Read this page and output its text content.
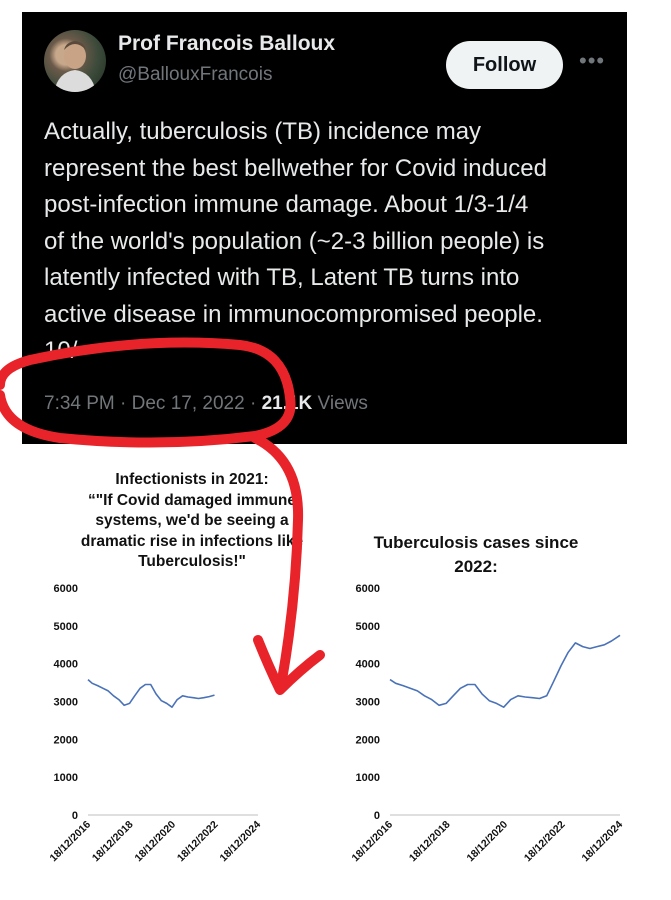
Prof Francois Balloux
@BallouxFrancois	Follow	•••
Actually, tuberculosis (TB) incidence may
represent the best bellwether for Covid induced
post-infection immune damage. About 1/3-1/4
of the world's population (~2-3 billion people) is
latently infected with TB, Latent TB turns into
active disease in immunocompromised people.
10/
7:34 PM · Dec 17, 2022 · 21.1K Views
Infectionists in 2021:
“"If Covid damaged immune
systems, we'd be seeing a
dramatic rise in infections like
Tuberculosis!"
Tuberculosis cases since
2022:
0
1000
2000
3000
4000
5000
6000
18/12/2016
18/12/2018
18/12/2020
18/12/2022
18/12/2024
0
1000
2000
3000
4000
5000
6000
18/12/2016 18/12/2018 18/12/2020 18/12/2022 18/12/2024
